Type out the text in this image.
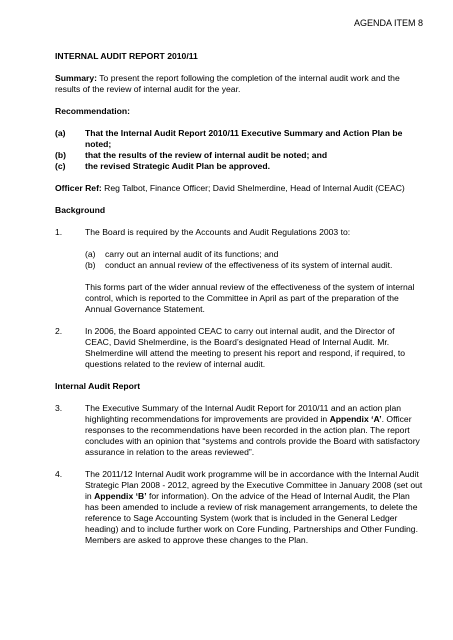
AGENDA ITEM 8

INTERNAL AUDIT REPORT 2010/11

Summary: To present the report following the completion of the internal audit work and the results of the review of internal audit for the year.

Recommendation:

(a)	That the Internal Audit Report 2010/11 Executive Summary and Action Plan be noted;
(b)	that the results of the review of internal audit be noted; and
(c)	the revised Strategic Audit Plan be approved.

Officer Ref: Reg Talbot, Finance Officer; David Shelmerdine, Head of Internal Audit (CEAC)

Background

1.	The Board is required by the Accounts and Audit Regulations 2003 to:

(a)	carry out an internal audit of its functions; and
(b)	conduct an annual review of the effectiveness of its system of internal audit.

This forms part of the wider annual review of the effectiveness of the system of internal control, which is reported to the Committee in April as part of the preparation of the Annual Governance Statement.

2.	In 2006, the Board appointed CEAC to carry out internal audit, and the Director of CEAC, David Shelmerdine, is the Board’s designated Head of Internal Audit. Mr. Shelmerdine will attend the meeting to present his report and respond, if required, to questions related to the review of internal audit.

Internal Audit Report

3.	The Executive Summary of the Internal Audit Report for 2010/11 and an action plan highlighting recommendations for improvements are provided in Appendix ‘A’. Officer responses to the recommendations have been recorded in the action plan. The report concludes with an opinion that “systems and controls provide the Board with satisfactory assurance in relation to the areas reviewed”.

4.	The 2011/12 Internal Audit work programme will be in accordance with the Internal Audit Strategic Plan 2008 - 2012, agreed by the Executive Committee in January 2008 (set out in Appendix ‘B’ for information). On the advice of the Head of Internal Audit, the Plan has been amended to include a review of risk management arrangements, to delete the reference to Sage Accounting System (work that is included in the General Ledger heading) and to include further work on Core Funding, Partnerships and Other Funding. Members are asked to approve these changes to the Plan.
